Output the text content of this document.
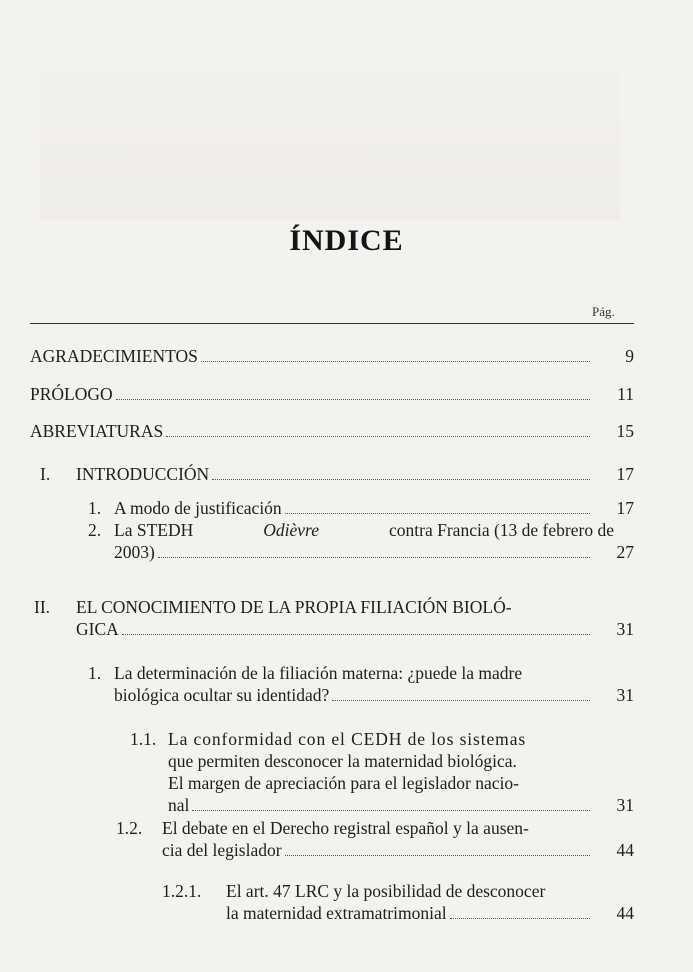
ÍNDICE
Pág.
AGRADECIMIENTOS	9
PRÓLOGO	11
ABREVIATURAS	15
I. INTRODUCCIÓN	17
1. A modo de justificación	17
2. La STEDH	Odièvre	contra Francia (13 de febrero de
2003)	27
II. EL CONOCIMIENTO DE LA PROPIA FILIACIÓN BIOLÓ-
GICA	31
1. La determinación de la filiación materna: ¿puede la madre
biológica ocultar su identidad?	31
1.1. La conformidad con el CEDH de los sistemas
que permiten desconocer la maternidad biológica.
El margen de apreciación para el legislador nacio-
nal	31
1.2. El debate en el Derecho registral español y la ausen-
cia del legislador	44
1.2.1. El art. 47 LRC y la posibilidad de desconocer
la maternidad extramatrimonial	44
